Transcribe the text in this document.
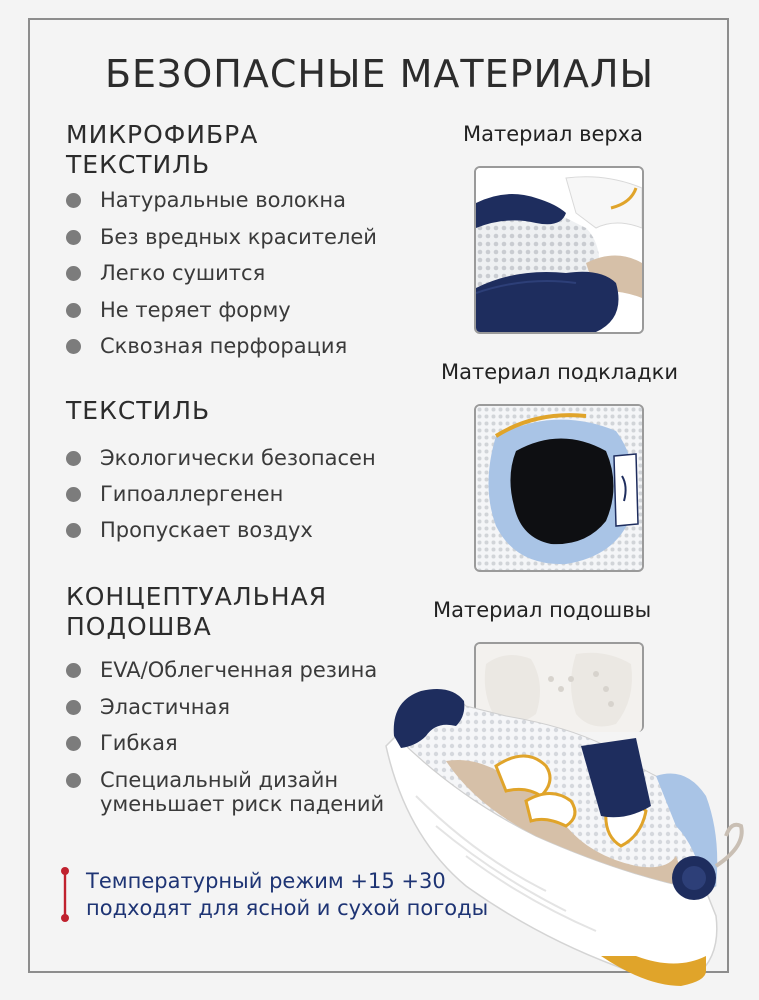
БЕЗОПАСНЫЕ МАТЕРИАЛЫ
МИКРОФИБРА
ТЕКСТИЛЬ
Натуральные волокна
Без вредных красителей
Легко сушится
Не теряет форму
Сквозная перфорация
ТЕКСТИЛЬ
Экологически безопасен
Гипоаллергенен
Пропускает воздух
КОНЦЕПТУАЛЬНАЯ
ПОДОШВА
EVA/Облегченная резина
Эластичная
Гибкая
Специальный дизайн
уменьшает риск падений
Материал верха
Материал подкладки
Материал подошвы
Температурный режим +15 +30
подходят для ясной и сухой погоды
